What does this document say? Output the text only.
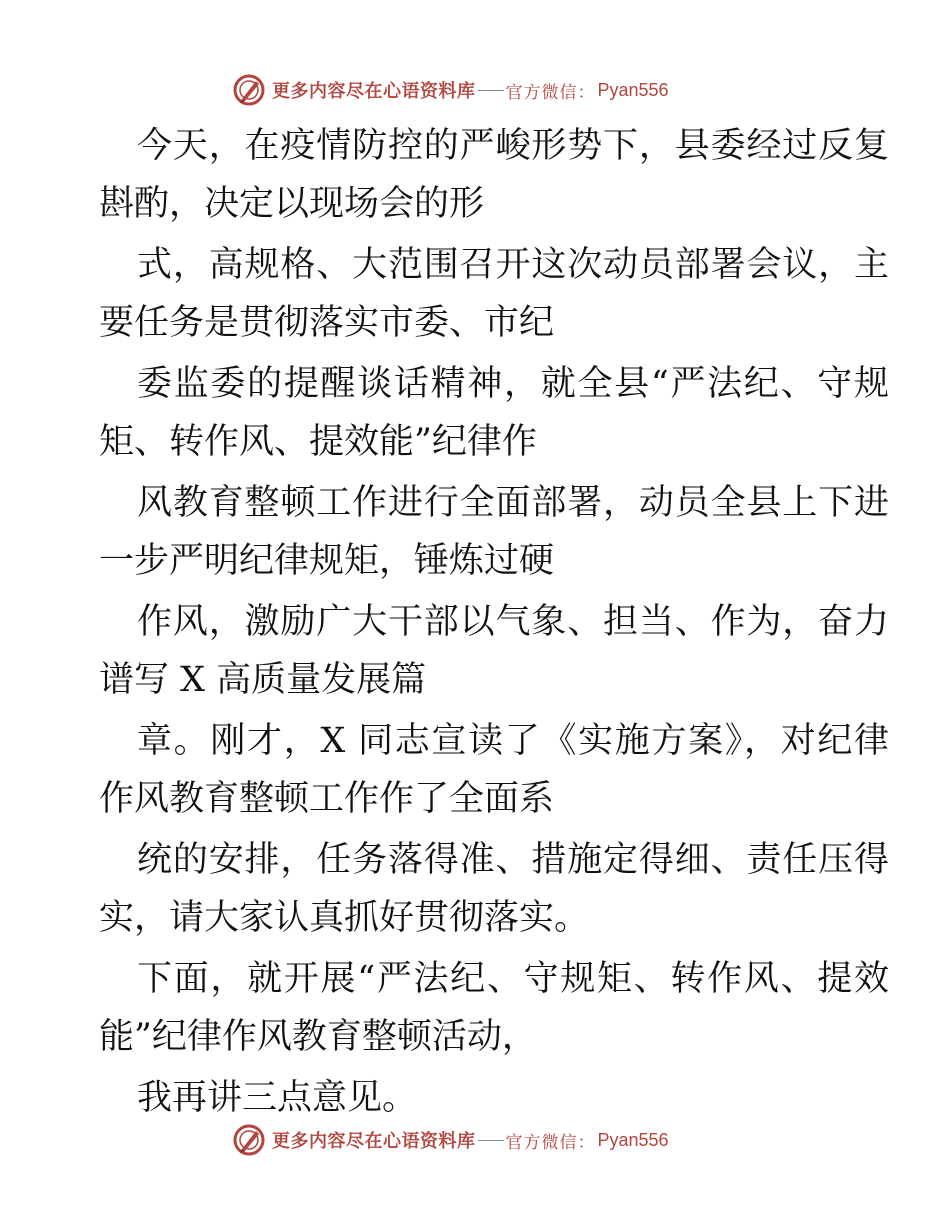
更多内容尽在心语资料库 官方微信： Pyan556
今天，在疫情防控的严峻形势下，县委经过反复
斟酌，决定以现场会的形
式，高规格、大范围召开这次动员部署会议，主
要任务是贯彻落实市委、市纪
委监委的提醒谈话精神，就全县“严法纪、守规
矩、转作风、提效能”纪律作
风教育整顿工作进行全面部署，动员全县上下进
一步严明纪律规矩，锤炼过硬
作风，激励广大干部以气象、担当、作为，奋力
谱写 X 高质量发展篇
章。刚才，X 同志宣读了《实施方案》，对纪律
作风教育整顿工作作了全面系
统的安排，任务落得准、措施定得细、责任压得
实，请大家认真抓好贯彻落实。
下面，就开展“严法纪、守规矩、转作风、提效
能”纪律作风教育整顿活动，
我再讲三点意见。
更多内容尽在心语资料库 官方微信： Pyan556
